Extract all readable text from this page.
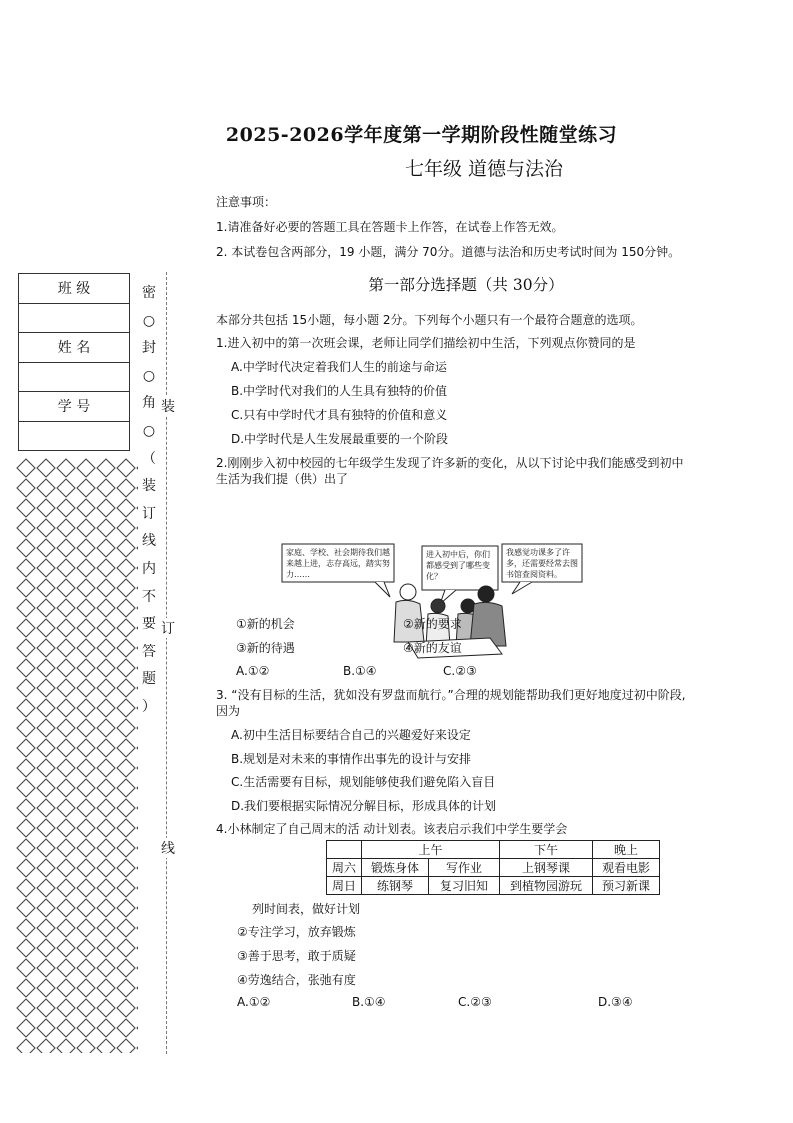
2025-2026学年度第一学期阶段性随堂练习
七年级 道德与法治
注意事项：
1.请准备好必要的答题工具在答题卡上作答，在试卷上作答无效。
2. 本试卷包含两部分，19 小题，满分 70分。道德与法治和历史考试时间为 150分钟。
第一部分选择题（共 30分）
本部分共包括 15小题，每小题 2分。下列每个小题只有一个最符合题意的选项。
班 级

姓 名

学 号

密
○
封
○
角
○
（
装
订
线
内
不
要
答
题
）
装
订
线
1.进入初中的第一次班会课，老师让同学们描绘初中生活，下列观点你赞同的是
A.中学时代决定着我们人生的前途与命运
B.中学时代对我们的人生具有独特的价值
C.只有中学时代才具有独特的价值和意义
D.中学时代是人生发展最重要的一个阶段
2.刚刚步入初中校园的七年级学生发现了许多新的变化，从以下讨论中我们能感受到初中
生活为我们提（供）出了
家庭、学校、社会期待我们越来越上进，志存高远，踏实努力……
进入初中后，你们都感受到了哪些变化？
我感觉功课多了许多，还需要经常去图书馆查阅资料。
①新的机会	②新的要求
③新的待遇	④新的友谊
A.①②	B.①④	C.②③
3. “没有目标的生活，犹如没有罗盘而航行。”合理的规划能帮助我们更好地度过初中阶段,
因为
A.初中生活目标要结合自己的兴趣爱好来设定
B.规划是对未来的事情作出事先的设计与安排
C.生活需要有目标，规划能够使我们避免陷入盲目
D.我们要根据实际情况分解目标，形成具体的计划
4.小林制定了自己周末的活 动计划表。该表启示我们中学生要学会
	上午		下午	晚上
周六	锻炼身体	写作业	上钢琴课	观看电影
周日	练钢琴	复习旧知	到植物园游玩	预习新课
列时间表，做好计划
②专注学习，放弃锻炼
③善于思考，敢于质疑
④劳逸结合，张弛有度
A.①②	B.①④	C.②③	D.③④
